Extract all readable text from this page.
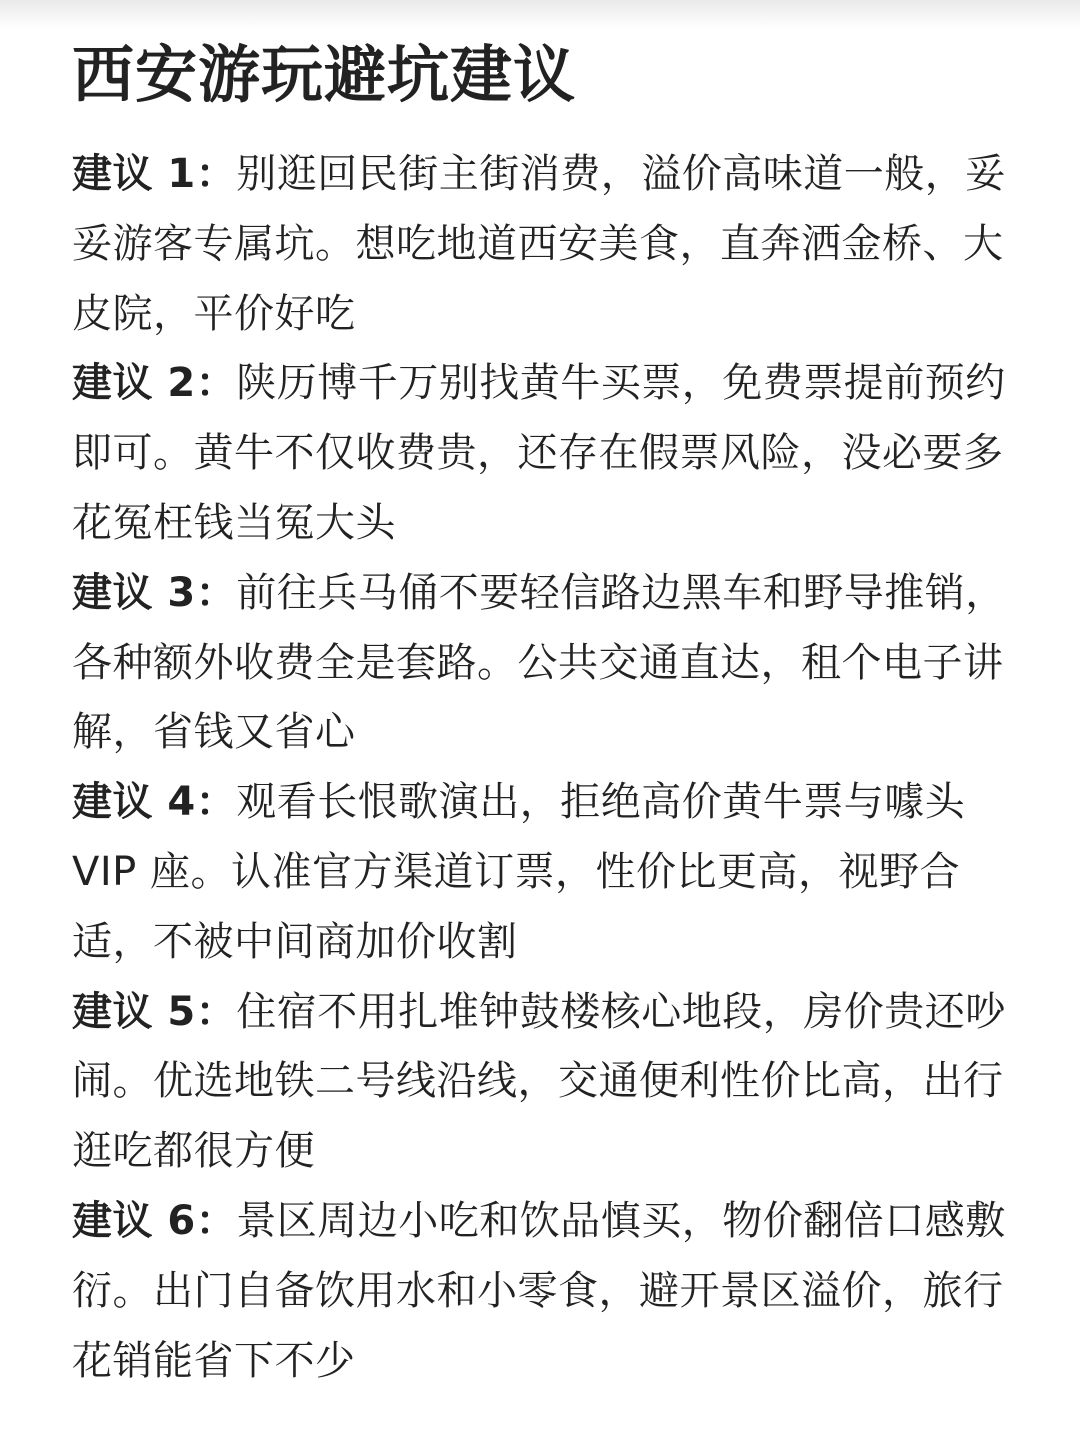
西安游玩避坑建议

建议 1：别逛回民街主街消费，溢价高味道一般，妥妥游客专属坑。想吃地道西安美食，直奔洒金桥、大皮院，平价好吃

建议 2：陕历博千万别找黄牛买票，免费票提前预约即可。黄牛不仅收费贵，还存在假票风险，没必要多花冤枉钱当冤大头

建议 3：前往兵马俑不要轻信路边黑车和野导推销，各种额外收费全是套路。公共交通直达，租个电子讲解，省钱又省心

建议 4：观看长恨歌演出，拒绝高价黄牛票与噱头 VIP 座。认准官方渠道订票，性价比更高，视野合适，不被中间商加价收割

建议 5：住宿不用扎堆钟鼓楼核心地段，房价贵还吵闹。优选地铁二号线沿线，交通便利性价比高，出行逛吃都很方便

建议 6：景区周边小吃和饮品慎买，物价翻倍口感敷衍。出门自备饮用水和小零食，避开景区溢价，旅行花销能省下不少
